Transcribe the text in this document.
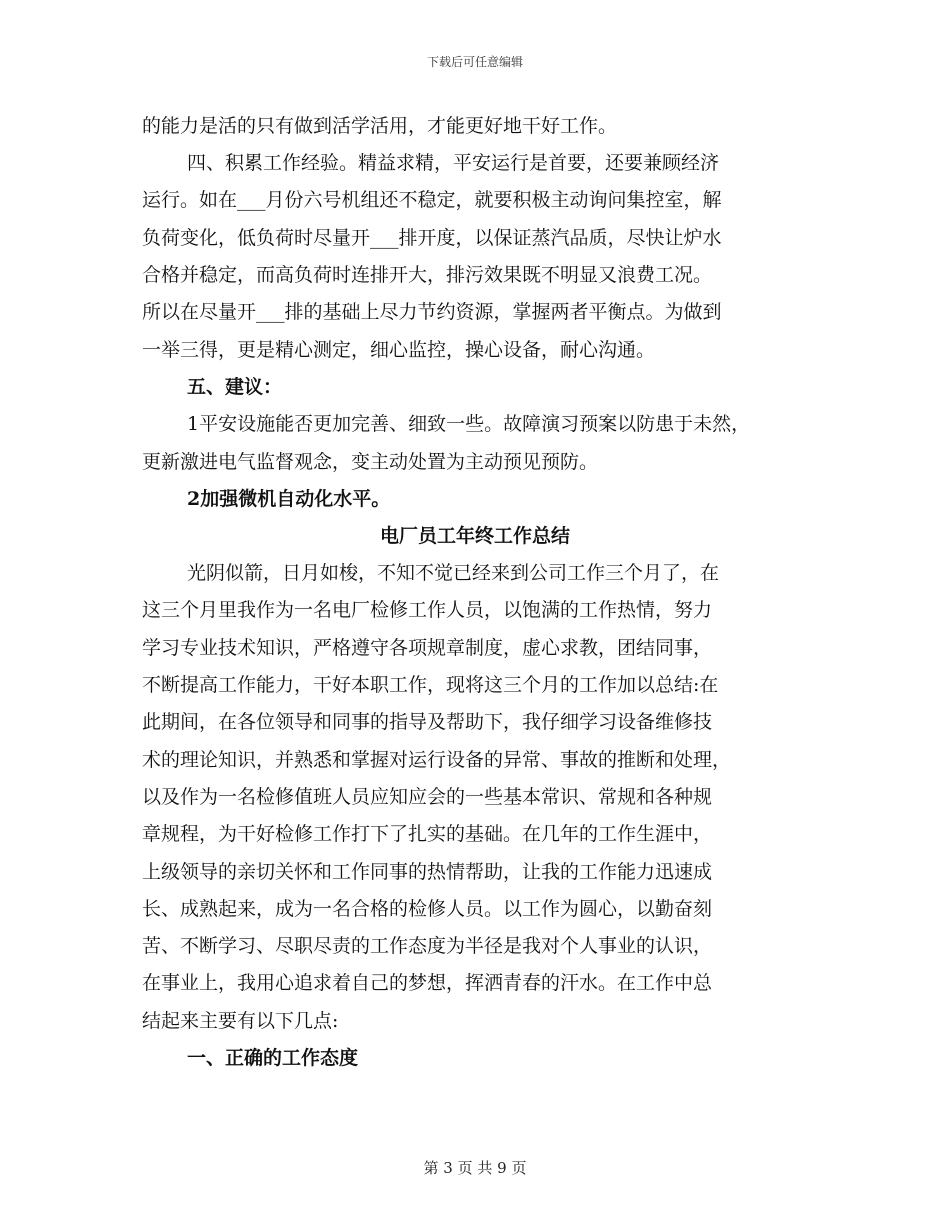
下载后可任意编辑

的能力是活的只有做到活学活用，才能更好地干好工作。

四、积累工作经验。精益求精，平安运行是首要，还要兼顾经济

运行。如在___月份六号机组还不稳定，就要积极主动询问集控室，解

负荷变化，低负荷时尽量开___排开度，以保证蒸汽品质，尽快让炉水

合格并稳定，而高负荷时连排开大，排污效果既不明显又浪费工况。

所以在尽量开___排的基础上尽力节约资源，掌握两者平衡点。为做到

一举三得，更是精心测定，细心监控，操心设备，耐心沟通。

五、建议：

1平安设施能否更加完善、细致一些。故障演习预案以防患于未然，

更新激进电气监督观念，变主动处置为主动预见预防。

2加强微机自动化水平。

电厂员工年终工作总结

光阴似箭，日月如梭，不知不觉已经来到公司工作三个月了，在

这三个月里我作为一名电厂检修工作人员，以饱满的工作热情，努力

学习专业技术知识，严格遵守各项规章制度，虚心求教，团结同事，

不断提高工作能力，干好本职工作，现将这三个月的工作加以总结:在

此期间，在各位领导和同事的指导及帮助下，我仔细学习设备维修技

术的理论知识，并熟悉和掌握对运行设备的异常、事故的推断和处理，

以及作为一名检修值班人员应知应会的一些基本常识、常规和各种规

章规程，为干好检修工作打下了扎实的基础。在几年的工作生涯中，

上级领导的亲切关怀和工作同事的热情帮助，让我的工作能力迅速成

长、成熟起来，成为一名合格的检修人员。以工作为圆心，以勤奋刻

苦、不断学习、尽职尽责的工作态度为半径是我对个人事业的认识，

在事业上，我用心追求着自己的梦想，挥洒青春的汗水。在工作中总

结起来主要有以下几点:

一、正确的工作态度

第 3 页 共 9 页
